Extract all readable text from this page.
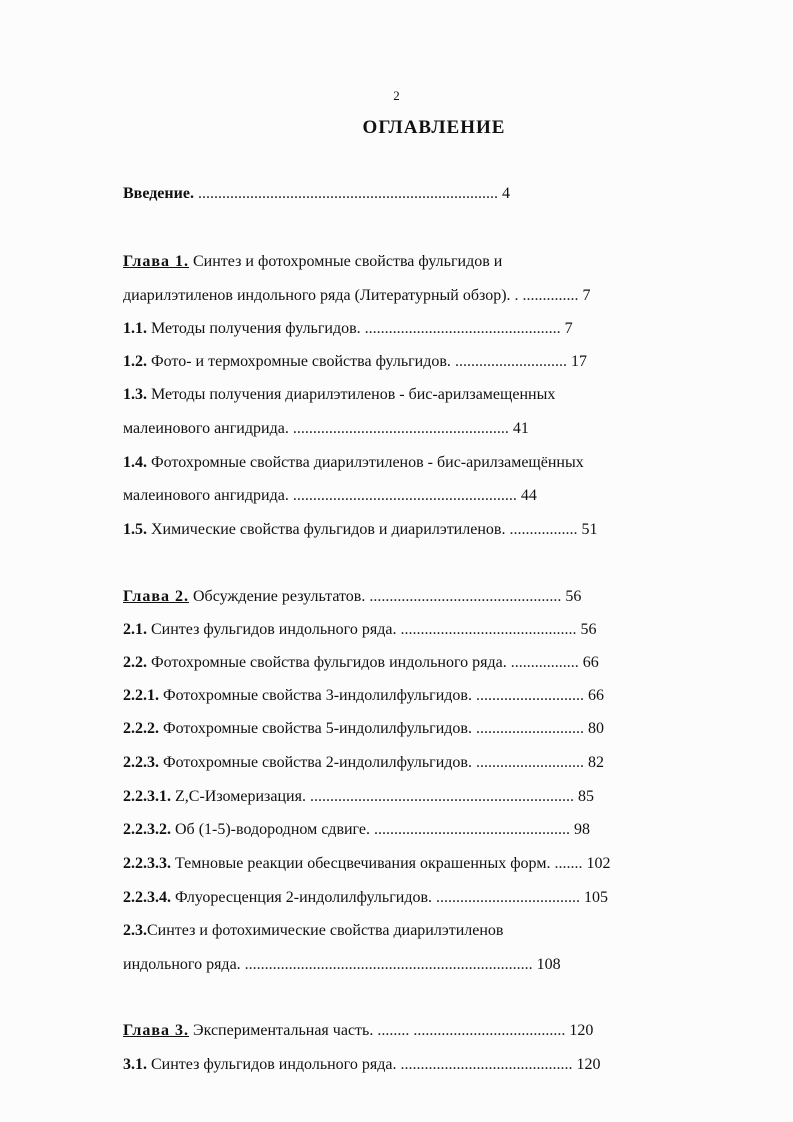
2
ОГЛАВЛЕНИЕ
Введение. ........................................................................... 4
Глава 1. Синтез и фотохромные свойства фульгидов и
диарилэтиленов индольного ряда (Литературный обзор). . .............. 7
1.1. Методы получения фульгидов. ................................................. 7
1.2. Фото- и термохромные свойства фульгидов. ............................ 17
1.3. Методы получения диарилэтиленов - бис-арилзамещенных
малеинового ангидрида. ...................................................... 41
1.4. Фотохромные свойства диарилэтиленов - бис-арилзамещённых
малеинового ангидрида. ........................................................ 44
1.5. Химические свойства фульгидов и диарилэтиленов. ................. 51
Глава 2. Обсуждение результатов. ................................................ 56
2.1. Синтез фульгидов индольного ряда. ............................................ 56
2.2. Фотохромные свойства фульгидов индольного ряда. ................. 66
2.2.1. Фотохромные свойства 3-индолилфульгидов. ........................... 66
2.2.2. Фотохромные свойства 5-индолилфульгидов. ........................... 80
2.2.3. Фотохромные свойства 2-индолилфульгидов. ........................... 82
2.2.3.1. Z,C-Изомеризация. .................................................................. 85
2.2.3.2. Об (1-5)-водородном сдвиге. ................................................. 98
2.2.3.3. Темновые реакции обесцвечивания окрашенных форм. ....... 102
2.2.3.4. Флуоресценция 2-индолилфульгидов. .................................... 105
2.3.Синтез и фотохимические свойства диарилэтиленов
индольного ряда. ........................................................................ 108
Глава 3. Экспериментальная часть. ........ ...................................... 120
3.1. Синтез фульгидов индольного ряда. ........................................... 120
